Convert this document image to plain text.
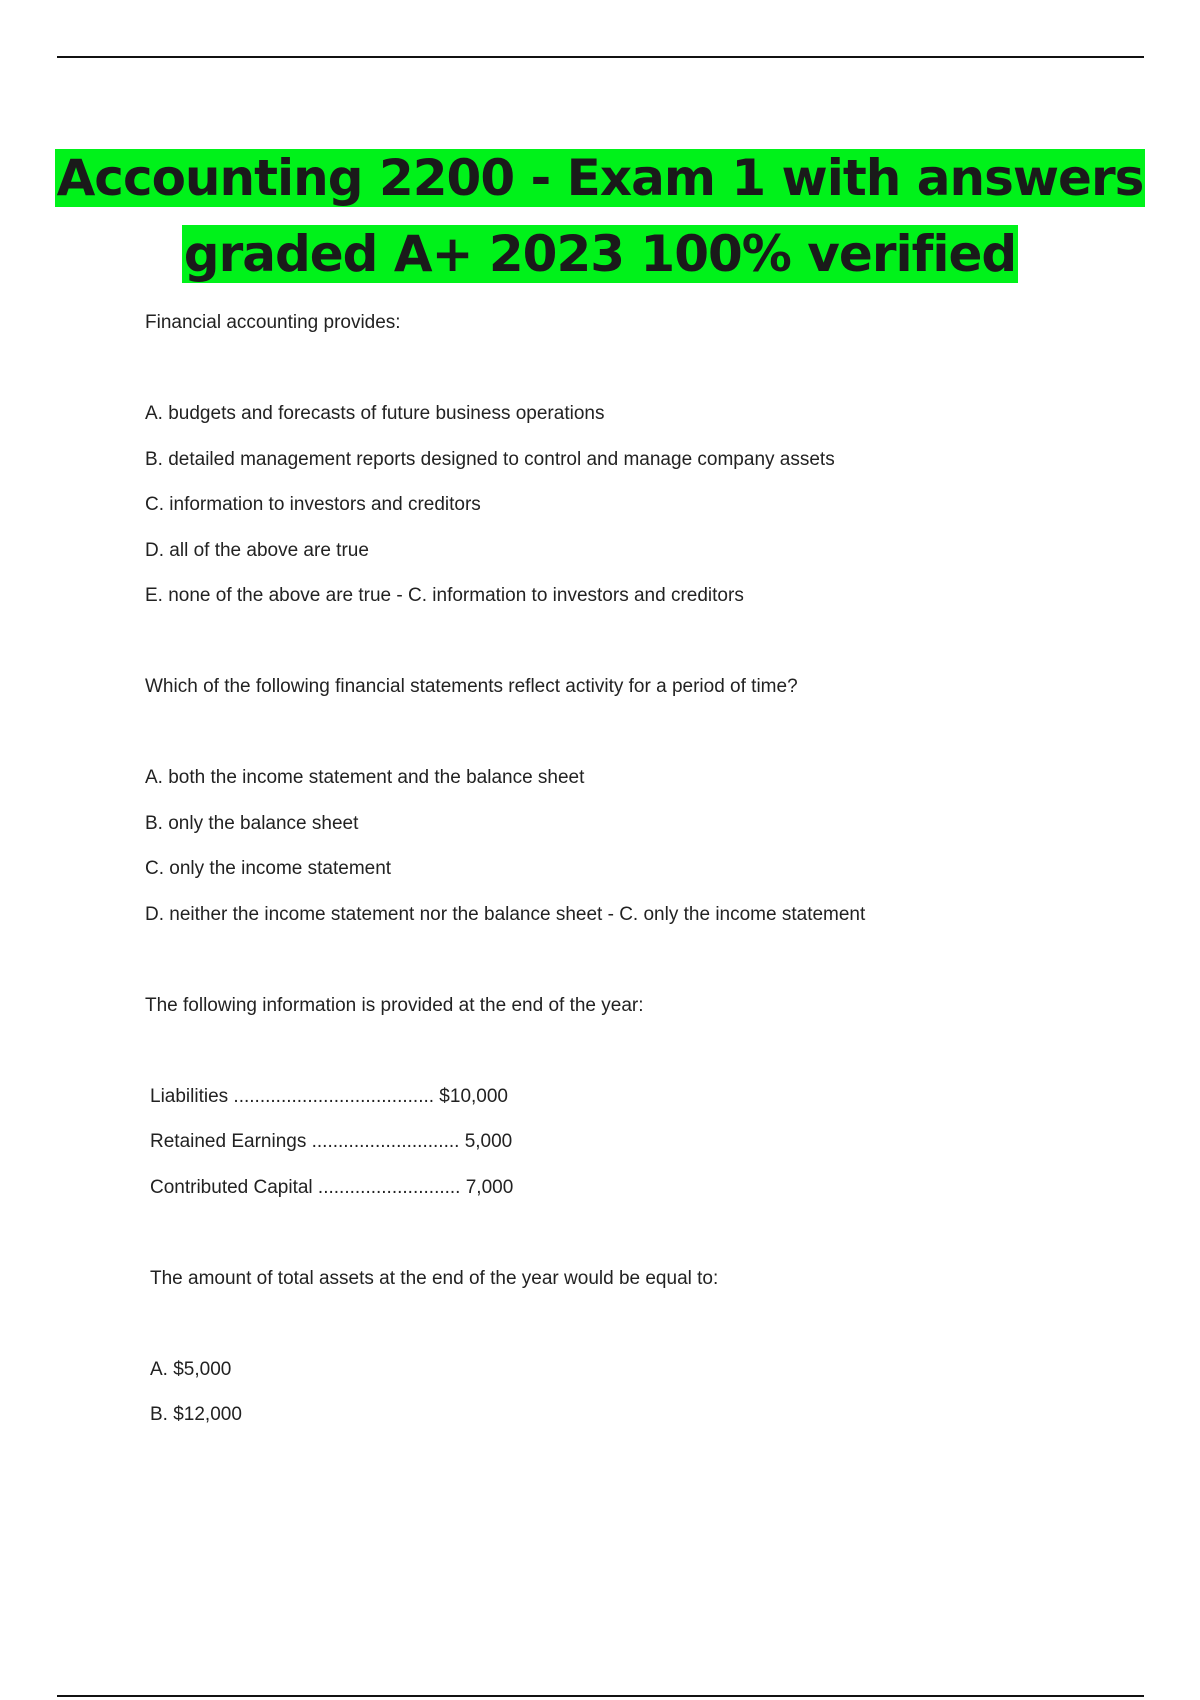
Accounting 2200 - Exam 1 with answers
graded A+ 2023 100% verified
Financial accounting provides:
A. budgets and forecasts of future business operations
B. detailed management reports designed to control and manage company assets
C. information to investors and creditors
D. all of the above are true
E. none of the above are true - C. information to investors and creditors
Which of the following financial statements reflect activity for a period of time?
A. both the income statement and the balance sheet
B. only the balance sheet
C. only the income statement
D. neither the income statement nor the balance sheet - C. only the income statement
The following information is provided at the end of the year:
Liabilities ...................................... $10,000
Retained Earnings ............................ 5,000
Contributed Capital ........................... 7,000
The amount of total assets at the end of the year would be equal to:
A. $5,000
B. $12,000
